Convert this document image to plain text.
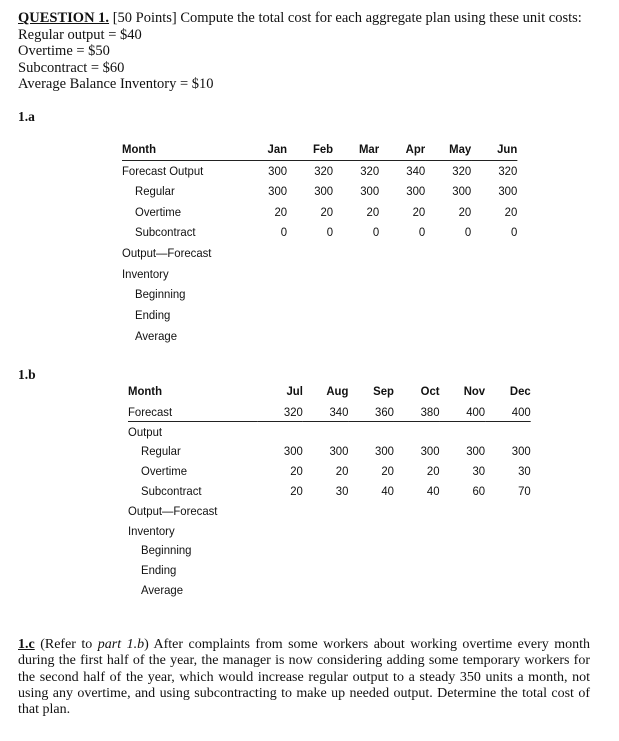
QUESTION 1. [50 Points] Compute the total cost for each aggregate plan using these unit costs:
Regular output = $40
Overtime = $50
Subcontract = $60
Average Balance Inventory = $10
1.a
Month	Jan	Feb	Mar	Apr	May	Jun
Forecast Output	300	320	320	340	320	320
Regular	300	300	300	300	300	300
Overtime	20	20	20	20	20	20
Subcontract	0	0	0	0	0	0
Output—Forecast						
Inventory						
Beginning						
Ending						
Average						
1.b
Month	Jul	Aug	Sep	Oct	Nov	Dec
Forecast	320	340	360	380	400	400
Output						
Regular	300	300	300	300	300	300
Overtime	20	20	20	20	30	30
Subcontract	20	30	40	40	60	70
Output—Forecast						
Inventory						
Beginning						
Ending						
Average						
1.c (Refer to part 1.b) After complaints from some workers about working overtime every month during the first half of the year, the manager is now considering adding some temporary workers for the second half of the year, which would increase regular output to a steady 350 units a month, not using any overtime, and using subcontracting to make up needed output. Determine the total cost of that plan.
